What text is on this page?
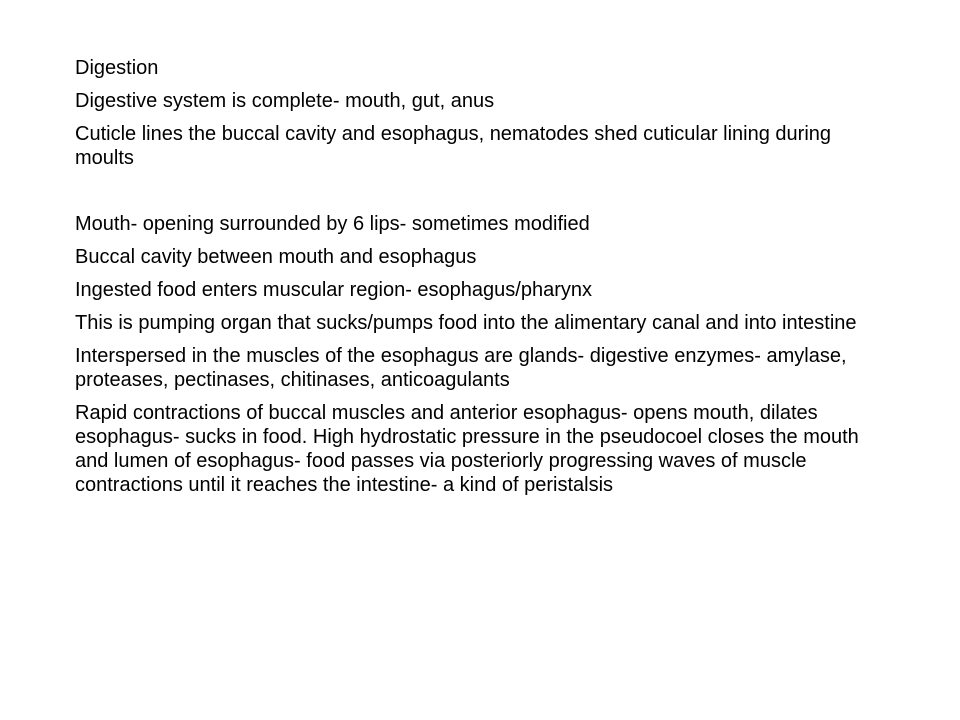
Digestion

Digestive system is complete- mouth, gut, anus

Cuticle lines the buccal cavity and esophagus, nematodes shed cuticular lining during moults

Mouth- opening surrounded by 6 lips- sometimes modified

Buccal cavity between mouth and esophagus

Ingested food enters muscular region- esophagus/pharynx

This is pumping organ that sucks/pumps food into the alimentary canal and into intestine

Interspersed in the muscles of the esophagus are glands- digestive enzymes- amylase, proteases, pectinases, chitinases, anticoagulants

Rapid contractions of buccal muscles and anterior esophagus- opens mouth, dilates esophagus- sucks in food. High hydrostatic pressure in the pseudocoel closes the mouth and lumen of esophagus- food passes via posteriorly progressing waves of muscle contractions until it reaches the intestine- a kind of peristalsis
